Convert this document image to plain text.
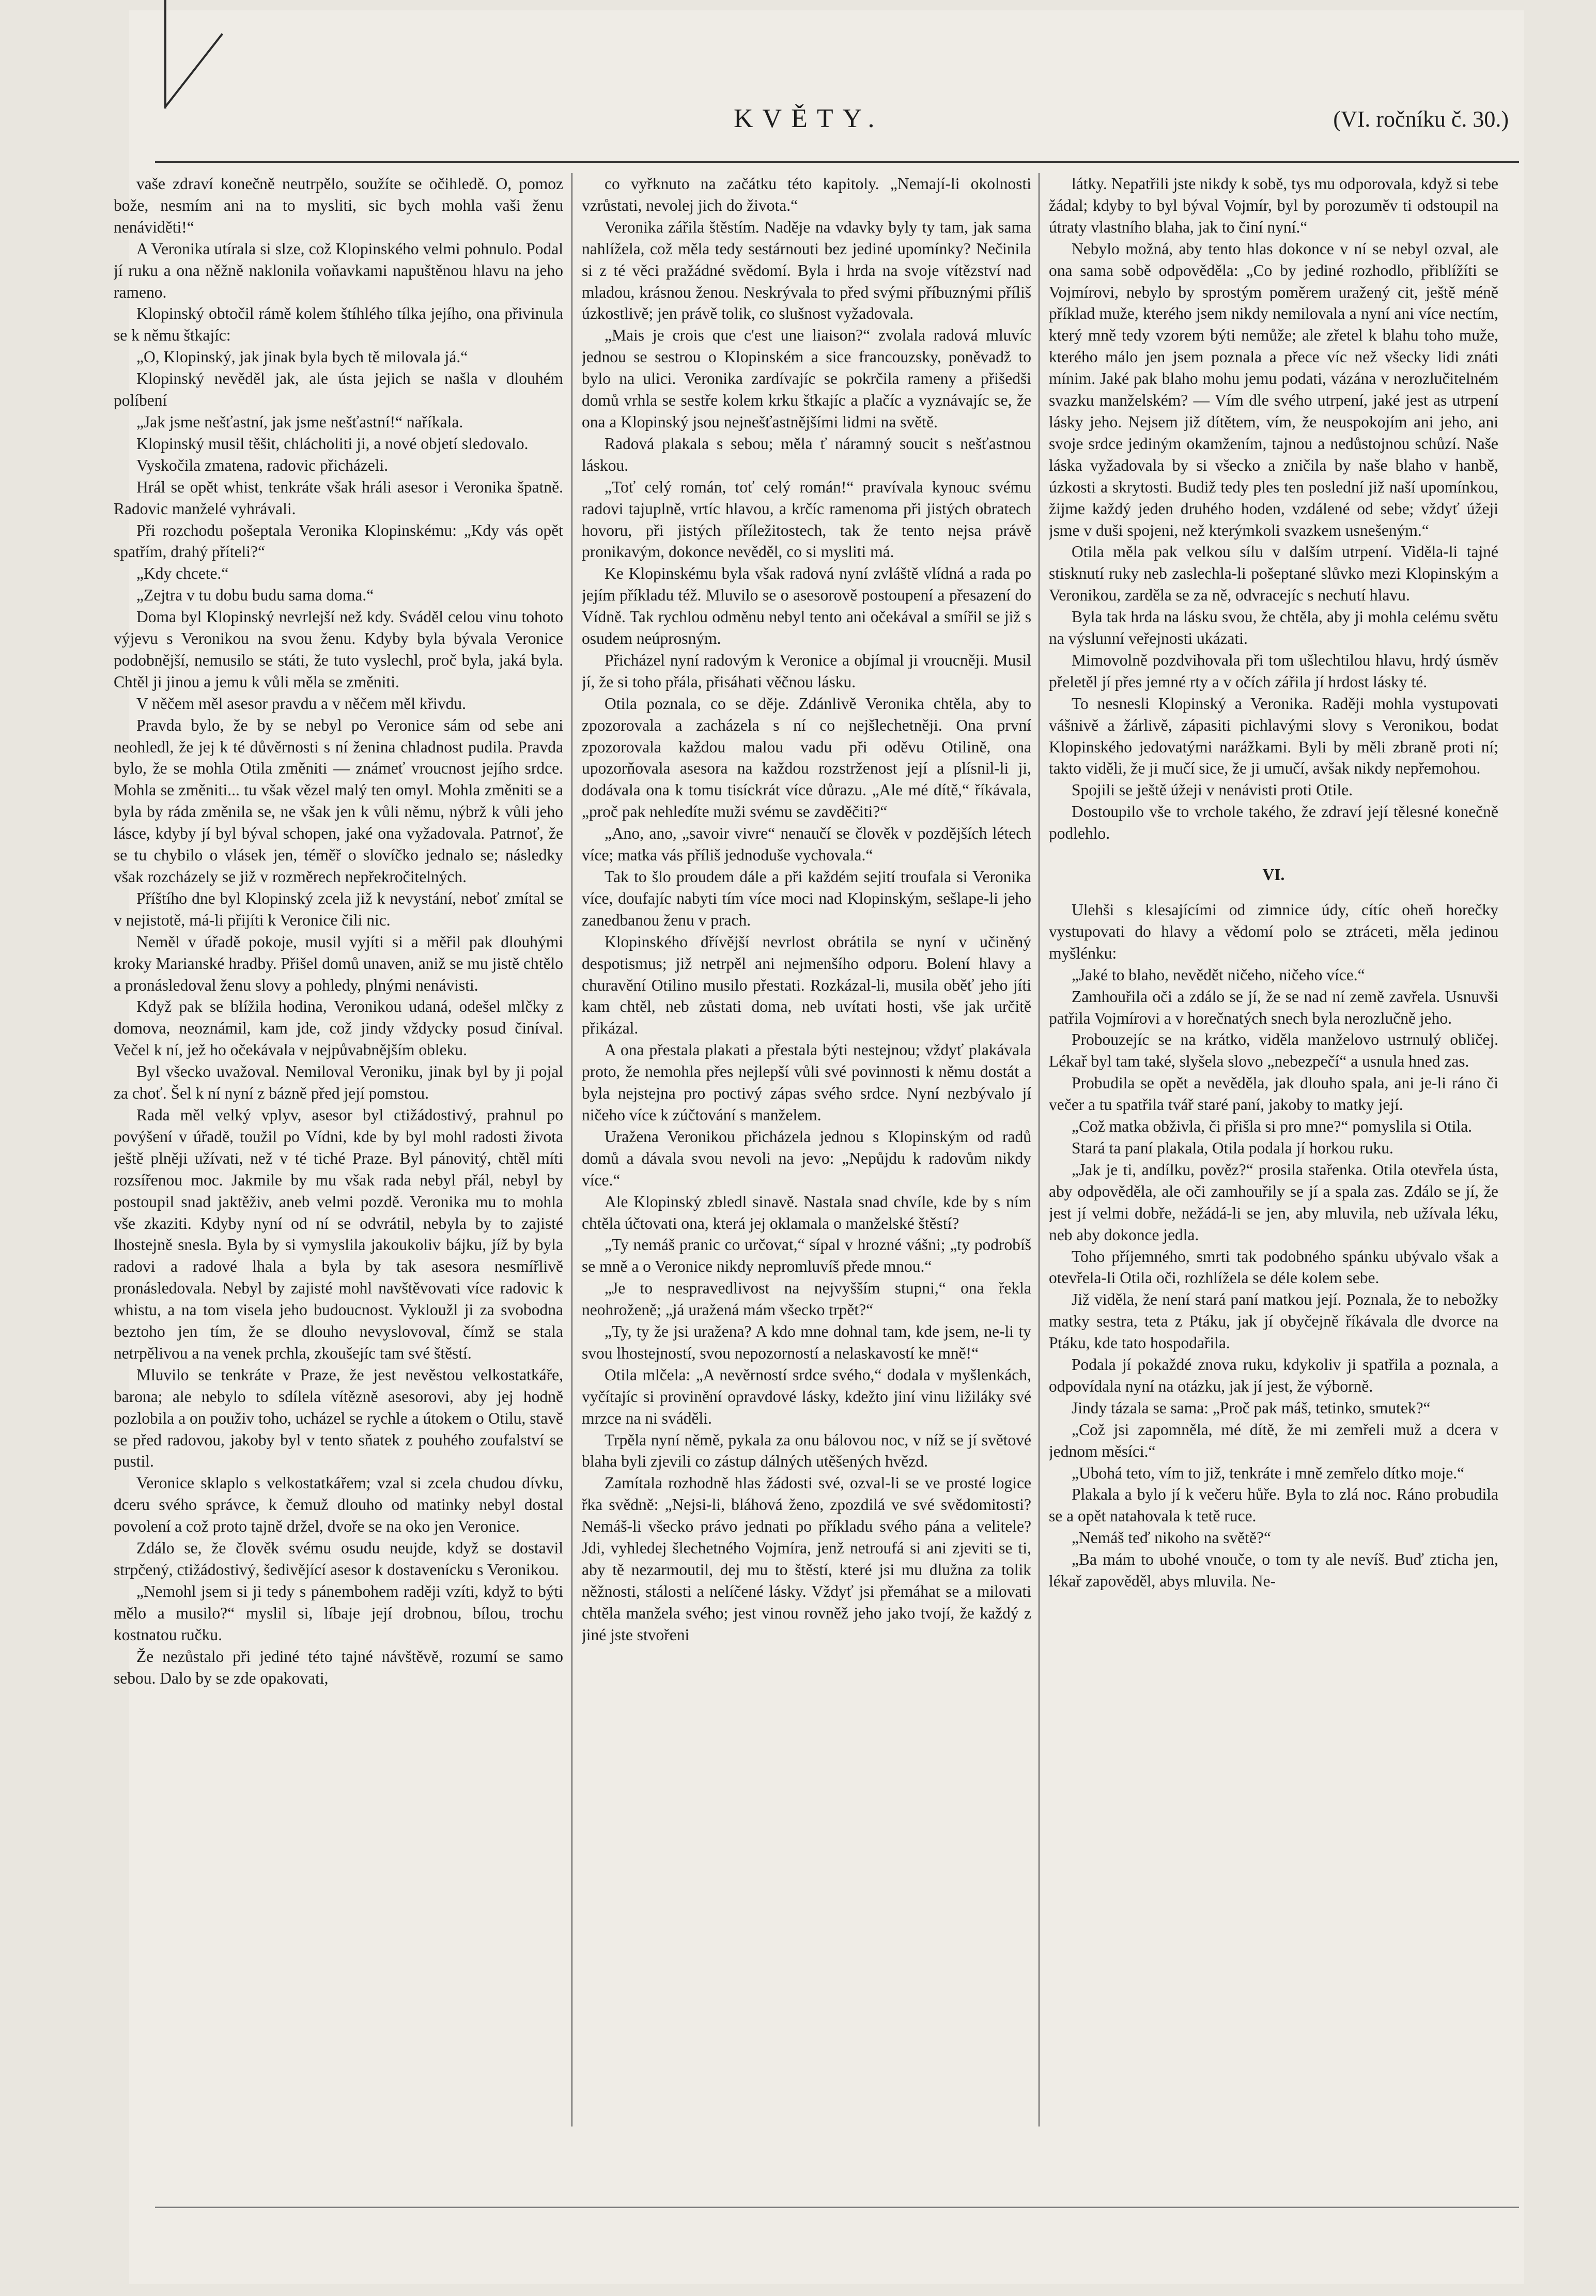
KVĚTY.	(VI. ročníku č. 30.)

vaše zdraví konečně neutrpělo, soužíte se očihledě. O, pomoz bože, nesmím ani na to mysliti, sic bych mohla vaši ženu nenáviděti!“

A Veronika utírala si slze, což Klopinského velmi pohnulo. Podal jí ruku a ona něžně naklonila voňavkami napuštěnou hlavu na jeho rameno.

Klopinský obtočil rámě kolem štíhlého tílka jejího, ona přivinula se k němu štkajíc:

„O, Klopinský, jak jinak byla bych tě milovala já.“

Klopinský nevěděl jak, ale ústa jejich se našla v dlouhém políbení

„Jak jsme nešťastní, jak jsme nešťastní!“ naříkala.

Klopinský musil těšit, chlácholiti ji, a nové objetí sledovalo.

Vyskočila zmatena, radovic přicházeli.

Hrál se opět whist, tenkráte však hráli asesor i Veronika špatně. Radovic manželé vyhrávali.

Při rozchodu pošeptala Veronika Klopinskému: „Kdy vás opět spatřím, drahý příteli?“

„Kdy chcete.“

„Zejtra v tu dobu budu sama doma.“

Doma byl Klopinský nevrlejší než kdy. Sváděl celou vinu tohoto výjevu s Veronikou na svou ženu. Kdyby byla bývala Veronice podobnější, nemusilo se státi, že tuto vyslechl, proč byla, jaká byla. Chtěl ji jinou a jemu k vůli měla se změniti.

V něčem měl asesor pravdu a v něčem měl křivdu.

Pravda bylo, že by se nebyl po Veronice sám od sebe ani neohledl, že jej k té důvěrnosti s ní ženina chladnost pudila. Pravda bylo, že se mohla Otila změniti — známeť vroucnost jejího srdce. Mohla se změniti... tu však vězel malý ten omyl. Mohla změniti se a byla by ráda změnila se, ne však jen k vůli němu, nýbrž k vůli jeho lásce, kdyby jí byl býval schopen, jaké ona vyžadovala. Patrnoť, že se tu chybilo o vlásek jen, téměř o slovíčko jednalo se; následky však rozcházely se již v rozměrech nepřekročitelných.

Příštího dne byl Klopinský zcela již k nevystání, neboť zmítal se v nejistotě, má-li přijíti k Veronice čili nic.

Neměl v úřadě pokoje, musil vyjíti si a měřil pak dlouhými kroky Marianské hradby. Přišel domů unaven, aniž se mu jistě chtělo a pronásledoval ženu slovy a pohledy, plnými nenávisti.

Když pak se blížila hodina, Veronikou udaná, odešel mlčky z domova, neoznámil, kam jde, což jindy vždycky posud činíval. Večel k ní, jež ho očekávala v nejpůvabnějším obleku.

Byl všecko uvažoval. Nemiloval Veroniku, jinak byl by ji pojal za choť. Šel k ní nyní z bázně před její pomstou.

Rada měl velký vplyv, asesor byl ctižádostivý, prahnul po povýšení v úřadě, toužil po Vídni, kde by byl mohl radosti života ještě plněji užívati, než v té tiché Praze. Byl pánovitý, chtěl míti rozsířenou moc. Jakmile by mu však rada nebyl přál, nebyl by postoupil snad jaktěživ, aneb velmi pozdě. Veronika mu to mohla vše zkaziti. Kdyby nyní od ní se odvrátil, nebyla by to zajisté lhostejně snesla. Byla by si vymyslila jakoukoliv bájku, jíž by byla radovi a radové lhala a byla by tak asesora nesmířlivě pronásledovala. Nebyl by zajisté mohl navštěvovati více radovic k whistu, a na tom visela jeho budoucnost. Vykloužl ji za svobodna beztoho jen tím, že se dlouho nevyslovoval, čímž se stala netrpělivou a na venek prchla, zkoušejíc tam své štěstí.

Mluvilo se tenkráte v Praze, že jest nevěstou velkostatkáře, barona; ale nebylo to sdílela vítězně asesorovi, aby jej hodně pozlobila a on použiv toho, ucházel se rychle a útokem o Otilu, stavě se před radovou, jakoby byl v tento sňatek z pouhého zoufalství se pustil.

Veronice sklaplo s velkostatkářem; vzal si zcela chudou dívku, dceru svého správce, k čemuž dlouho od matinky nebyl dostal povolení a což proto tajně držel, dvoře se na oko jen Veronice.

Zdálo se, že člověk svému osudu neujde, když se dostavil strpčený, ctižádostivý, šedivějící asesor k dostavenícku s Veronikou.

„Nemohl jsem si ji tedy s pánembohem raději vzíti, když to býti mělo a musilo?“ myslil si, líbaje její drobnou, bílou, trochu kostnatou ručku.

Že nezůstalo při jediné této tajné návštěvě, rozumí se samo sebou. Dalo by se zde opakovati,

co vyřknuto na začátku této kapitoly. „Nemají-li okolnosti vzrůstati, nevolej jich do života.“

Veronika zářila štěstím. Naděje na vdavky byly ty tam, jak sama nahlížela, což měla tedy sestárnouti bez jediné upomínky? Nečinila si z té věci pražádné svědomí. Byla i hrda na svoje vítězství nad mladou, krásnou ženou. Neskrývala to před svými příbuznými příliš úzkostlivě; jen právě tolik, co slušnost vyžadovala.

„Mais je crois que c'est une liaison?“ zvolala radová mluvíc jednou se sestrou o Klopinském a sice francouzsky, poněvadž to bylo na ulici. Veronika zardívajíc se pokrčila rameny a přišedši domů vrhla se sestře kolem krku štkajíc a plačíc a vyznávajíc se, že ona a Klopinský jsou nejnešťastnějšími lidmi na světě.

Radová plakala s sebou; měla ť náramný soucit s nešťastnou láskou.

„Toť celý román, toť celý román!“ pravívala kynouc svému radovi tajuplně, vrtíc hlavou, a krčíc ramenoma při jistých obratech hovoru, při jistých příležitostech, tak že tento nejsa právě pronikavým, dokonce nevěděl, co si mysliti má.

Ke Klopinskému byla však radová nyní zvláště vlídná a rada po jejím příkladu též. Mluvilo se o asesorově postoupení a přesazení do Vídně. Tak rychlou odměnu nebyl tento ani očekával a smířil se již s osudem neúprosným.

Přicházel nyní radovým k Veronice a objímal ji vroucněji. Musil jí, že si toho přála, přisáhati věčnou lásku.

Otila poznala, co se děje. Zdánlivě Veronika chtěla, aby to zpozorovala a zacházela s ní co nejšlechetněji. Ona první zpozorovala každou malou vadu při oděvu Otilině, ona upozorňovala asesora na každou rozstrženost její a plísnil-li ji, dodávala ona k tomu tisíckrát více důrazu. „Ale mé dítě,“ říkávala, „proč pak nehledíte muži svému se zavděčiti?“

„Ano, ano, „savoir vivre“ nenaučí se člověk v pozdějších létech více; matka vás příliš jednoduše vychovala.“

Tak to šlo proudem dále a při každém sejití troufala si Veronika více, doufajíc nabyti tím více moci nad Klopinským, sešlape-li jeho zanedbanou ženu v prach.

Klopinského dřívější nevrlost obrátila se nyní v učiněný despotismus; již netrpěl ani nejmenšího odporu. Bolení hlavy a churavění Otilino musilo přestati. Rozkázal-li, musila oběť jeho jíti kam chtěl, neb zůstati doma, neb uvítati hosti, vše jak určitě přikázal.

A ona přestala plakati a přestala býti nestejnou; vždyť plakávala proto, že nemohla přes nejlepší vůli své povinnosti k němu dostát a byla nejstejna pro poctivý zápas svého srdce. Nyní nezbývalo jí ničeho více k zúčtování s manželem.

Uražena Veronikou přicházela jednou s Klopinským od radů domů a dávala svou nevoli na jevo: „Nepůjdu k radovům nikdy více.“

Ale Klopinský zbledl sinavě. Nastala snad chvíle, kde by s ním chtěla účtovati ona, která jej oklamala o manželské štěstí?

„Ty nemáš pranic co určovat,“ sípal v hrozné vášni; „ty podrobíš se mně a o Veronice nikdy nepromluvíš přede mnou.“

„Je to nespravedlivost na nejvyšším stupni,“ ona řekla neohroženě; „já uražená mám všecko trpět?“

„Ty, ty že jsi uražena? A kdo mne dohnal tam, kde jsem, ne-li ty svou lhostejností, svou nepozorností a nelaskavostí ke mně!“

Otila mlčela: „A nevěrností srdce svého,“ dodala v myšlenkách, vyčítajíc si provinění opravdové lásky, kdežto jiní vinu ližiláky své mrzce na ni sváděli.

Trpěla nyní němě, pykala za onu bálovou noc, v níž se jí světové blaha byli zjevili co zástup dálných utěšených hvězd.

Zamítala rozhodně hlas žádosti své, ozval-li se ve prosté logice řka svědně: „Nejsi-li, bláhová ženo, zpozdilá ve své svědomitosti? Nemáš-li všecko právo jednati po příkladu svého pána a velitele? Jdi, vyhledej šlechetného Vojmíra, jenž netroufá si ani zjeviti se ti, aby tě nezarmoutil, dej mu to štěstí, které jsi mu dlužna za tolik něžnosti, stálosti a nelíčené lásky. Vždyť jsi přemáhat se a milovati chtěla manžela svého; jest vinou rovněž jeho jako tvojí, že každý z jiné jste stvořeni

látky. Nepatřili jste nikdy k sobě, tys mu odporovala, když si tebe žádal; kdyby to byl býval Vojmír, byl by porozuměv ti odstoupil na útraty vlastního blaha, jak to činí nyní.“

Nebylo možná, aby tento hlas dokonce v ní se nebyl ozval, ale ona sama sobě odpověděla: „Co by jediné rozhodlo, přiblížíti se Vojmírovi, nebylo by sprostým poměrem uražený cit, ještě méně příklad muže, kterého jsem nikdy nemilovala a nyní ani více nectím, který mně tedy vzorem býti nemůže; ale zřetel k blahu toho muže, kterého málo jen jsem poznala a přece víc než všecky lidi znáti mínim. Jaké pak blaho mohu jemu podati, vázána v nerozlučitelném svazku manželském? — Vím dle svého utrpení, jaké jest as utrpení lásky jeho. Nejsem již dítětem, vím, že neuspokojím ani jeho, ani svoje srdce jediným okamžením, tajnou a nedůstojnou schůzí. Naše láska vyžadovala by si všecko a zničila by naše blaho v hanbě, úzkosti a skrytosti. Budiž tedy ples ten poslední již naší upomínkou, žijme každý jeden druhého hoden, vzdálené od sebe; vždyť úžeji jsme v duši spojeni, než kterýmkoli svazkem usnešeným.“

Otila měla pak velkou sílu v dalším utrpení. Viděla-li tajné stisknutí ruky neb zaslechla-li pošeptané slůvko mezi Klopinským a Veronikou, zarděla se za ně, odvracejíc s nechutí hlavu.

Byla tak hrda na lásku svou, že chtěla, aby ji mohla celému světu na výslunní veřejnosti ukázati.

Mimovolně pozdvihovala při tom ušlechtilou hlavu, hrdý úsměv přeletěl jí přes jemné rty a v očích zářila jí hrdost lásky té.

To nesnesli Klopinský a Veronika. Raději mohla vystupovati vášnivě a žárlivě, zápasiti pichlavými slovy s Veronikou, bodat Klopinského jedovatými narážkami. Byli by měli zbraně proti ní; takto viděli, že ji mučí sice, že ji umučí, avšak nikdy nepřemohou.

Spojili se ještě úžeji v nenávisti proti Otile.

Dostoupilo vše to vrchole takého, že zdraví její tělesné konečně podlehlo.

VI.

Ulehši s klesajícími od zimnice údy, cítíc oheň horečky vystupovati do hlavy a vědomí polo se ztráceti, měla jedinou myšlénku:

„Jaké to blaho, nevědět ničeho, ničeho více.“

Zamhouřila oči a zdálo se jí, že se nad ní země zavřela. Usnuvši patřila Vojmírovi a v horečnatých snech byla nerozlučně jeho.

Probouzejíc se na krátko, viděla manželovo ustrnulý obličej. Lékař byl tam také, slyšela slovo „nebezpečí“ a usnula hned zas.

Probudila se opět a nevěděla, jak dlouho spala, ani je-li ráno či večer a tu spatřila tvář staré paní, jakoby to matky její.

„Což matka obživla, či přišla si pro mne?“ pomyslila si Otila.

Stará ta paní plakala, Otila podala jí horkou ruku.

„Jak je ti, andílku, pověz?“ prosila stařenka. Otila otevřela ústa, aby odpověděla, ale oči zamhouřily se jí a spala zas. Zdálo se jí, že jest jí velmi dobře, nežádá-li se jen, aby mluvila, neb užívala léku, neb aby dokonce jedla.

Toho příjemného, smrti tak podobného spánku ubývalo však a otevřela-li Otila oči, rozhlížela se déle kolem sebe.

Již viděla, že není stará paní matkou její. Poznala, že to nebožky matky sestra, teta z Ptáku, jak jí obyčejně říkávala dle dvorce na Ptáku, kde tato hospodařila.

Podala jí pokaždé znova ruku, kdykoliv ji spatřila a poznala, a odpovídala nyní na otázku, jak jí jest, že výborně.

Jindy tázala se sama: „Proč pak máš, tetinko, smutek?“

„Což jsi zapomněla, mé dítě, že mi zemřeli muž a dcera v jednom měsíci.“

„Ubohá teto, vím to již, tenkráte i mně zemřelo dítko moje.“

Plakala a bylo jí k večeru hůře. Byla to zlá noc. Ráno probudila se a opět natahovala k tetě ruce.

„Nemáš teď nikoho na světě?“

„Ba mám to ubohé vnouče, o tom ty ale nevíš. Buď zticha jen, lékař zapověděl, abys mluvila. Ne-
